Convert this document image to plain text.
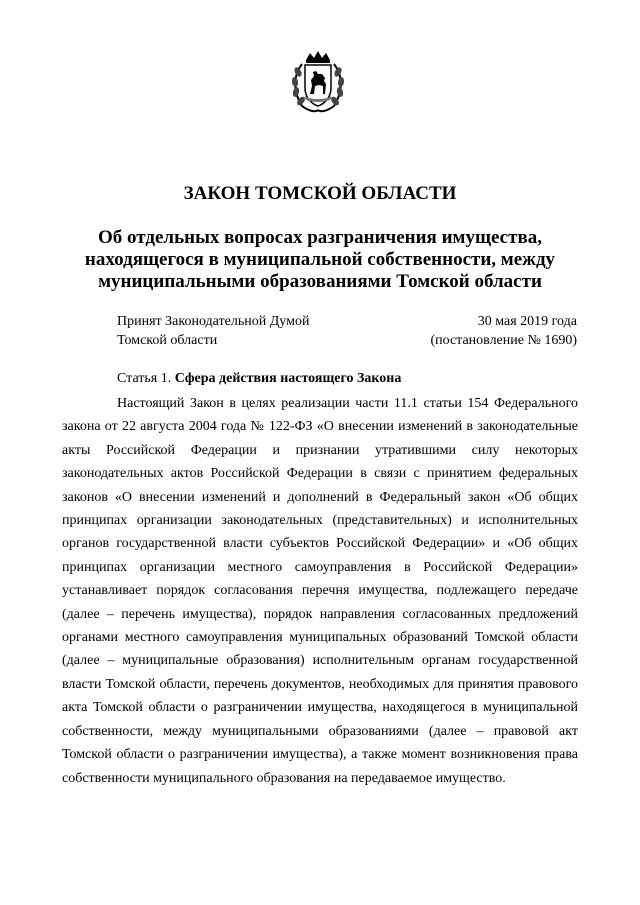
ЗАКОН ТОМСКОЙ ОБЛАСТИ
Об отдельных вопросах разграничения имущества,
находящегося в муниципальной собственности, между
муниципальными образованиями Томской области
Принят Законодательной Думой
Томской области
30 мая 2019 года
(постановление № 1690)
Статья 1. Сфера действия настоящего Закона

Настоящий Закон в целях реализации части 11.1 статьи 154 Федерального закона от 22 августа 2004 года № 122-ФЗ «О внесении изменений в законодательные акты Российской Федерации и признании утратившими силу некоторых законодательных актов Российской Федерации в связи с принятием федеральных законов «О внесении изменений и дополнений в Федеральный закон «Об общих принципах организации законодательных (представительных) и исполнительных органов государственной власти субъектов Российской Федерации» и «Об общих принципах организации местного самоуправления в Российской Федерации» устанавливает порядок согласования перечня имущества, подлежащего передаче (далее – перечень имущества), порядок направления согласованных предложений органами местного самоуправления муниципальных образований Томской области (далее – муниципальные образования) исполнительным органам государственной власти Томской области, перечень документов, необходимых для принятия правового акта Томской области о разграничении имущества, находящегося в муниципальной собственности, между муниципальными образованиями (далее – правовой акт Томской области о разграничении имущества), а также момент возникновения права собственности муниципального образования на передаваемое имущество.
